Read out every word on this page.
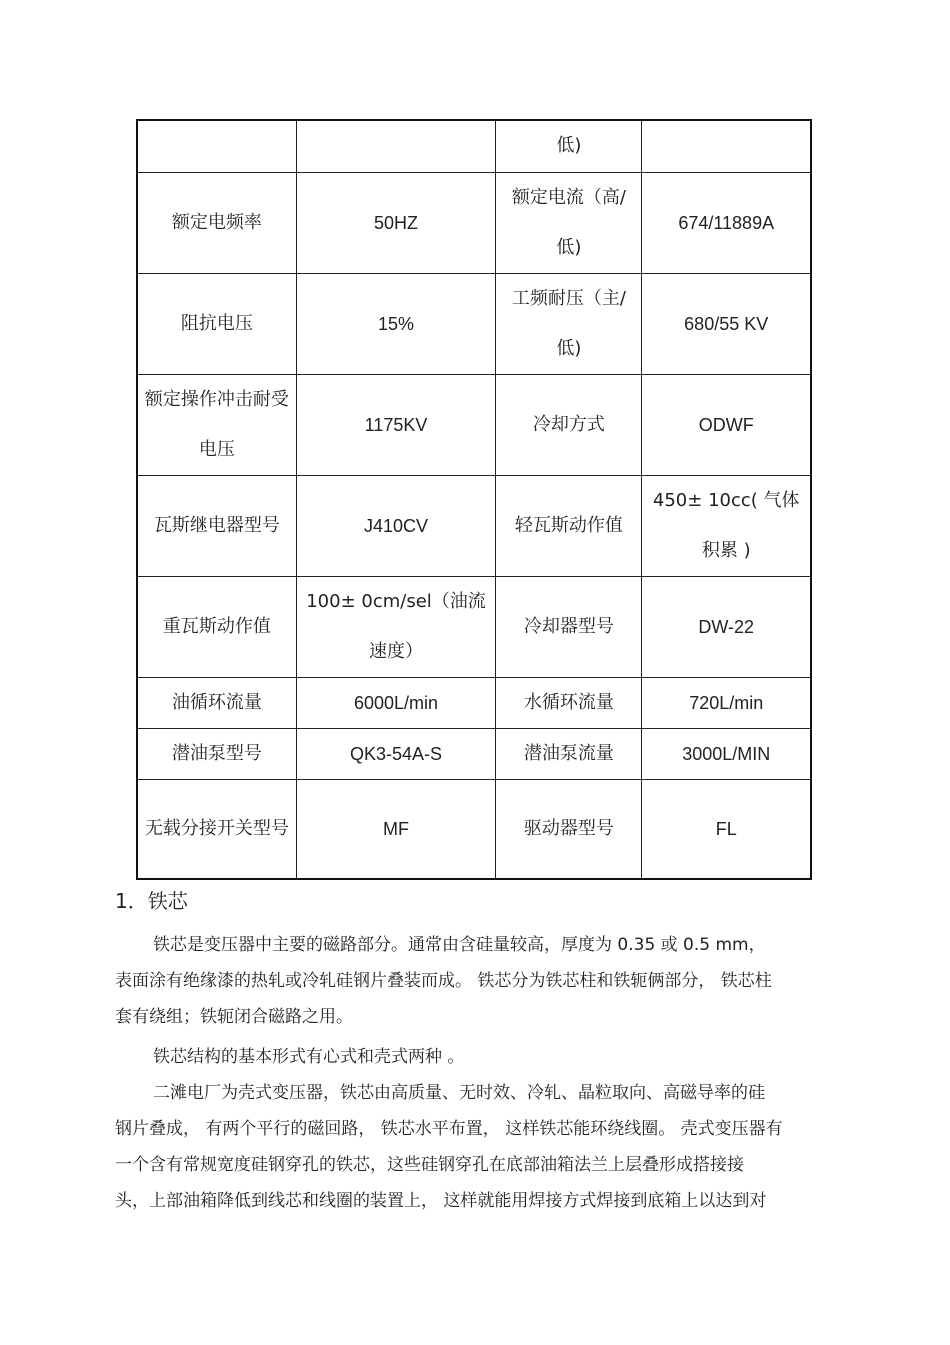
		低)	
额定电频率	50HZ	额定电流（高/低)	674/11889A
阻抗电压	15%	工频耐压（主/低)	680/55 KV
额定操作冲击耐受电压	1175KV	冷却方式	ODWF
瓦斯继电器型号	J410CV	轻瓦斯动作值	450± 10cc( 气体积累 )
重瓦斯动作值	100± 0cm/sel（油流速度）	冷却器型号	DW-22
油循环流量	6000L/min	水循环流量	720L/min
潜油泵型号	QK3-54A-S	潜油泵流量	3000L/MIN
无载分接开关型号	MF	驱动器型号	FL
1．铁芯
铁芯是变压器中主要的磁路部分。通常由含硅量较高，厚度为 0.35 或 0.5 mm，
表面涂有绝缘漆的热轧或冷轧硅钢片叠装而成。 铁芯分为铁芯柱和铁轭俩部分， 铁芯柱
套有绕组；铁轭闭合磁路之用。
铁芯结构的基本形式有心式和壳式两种 。
二滩电厂为壳式变压器，铁芯由高质量、无时效、冷轧、晶粒取向、高磁导率的硅
钢片叠成， 有两个平行的磁回路， 铁芯水平布置， 这样铁芯能环绕线圈。 壳式变压器有
一个含有常规宽度硅钢穿孔的铁芯，这些硅钢穿孔在底部油箱法兰上层叠形成搭接接
头，上部油箱降低到线芯和线圈的装置上， 这样就能用焊接方式焊接到底箱上以达到对
